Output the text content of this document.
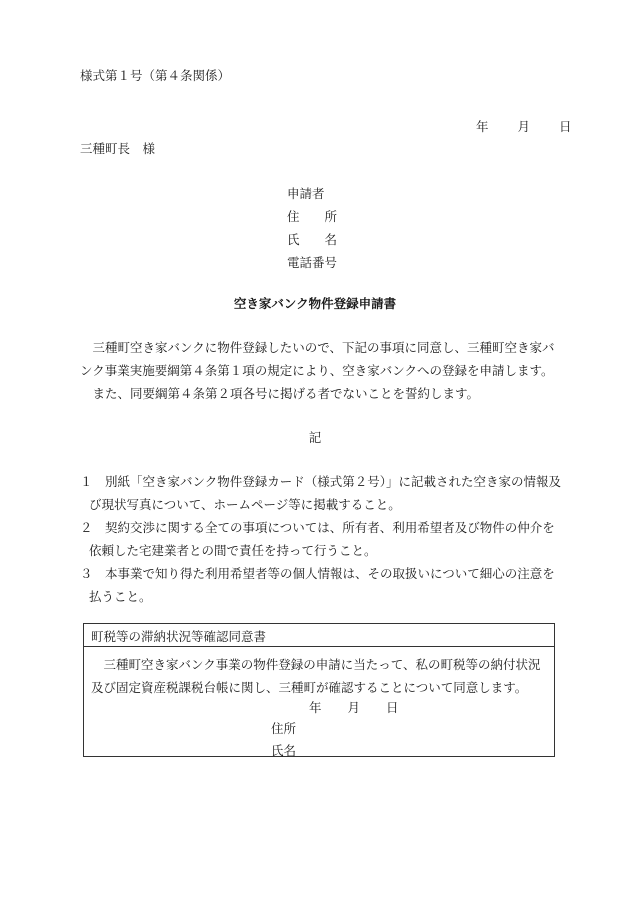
様式第１号（第４条関係）
年 月 日
三種町長　様
申請者
住　　所
氏　　名
電話番号
空き家バンク物件登録申請書
　三種町空き家バンクに物件登録したいので、下記の事項に同意し、三種町空き家バ
ンク事業実施要綱第４条第１項の規定により、空き家バンクへの登録を申請します。
　また、同要綱第４条第２項各号に掲げる者でないことを誓約します。
記
１ 別紙「空き家バンク物件登録カード（様式第２号）」に記載された空き家の情報及
び現状写真について、ホームページ等に掲載すること。
２ 契約交渉に関する全ての事項については、所有者、利用希望者及び物件の仲介を
依頼した宅建業者との間で責任を持って行うこと。
３ 本事業で知り得た利用希望者等の個人情報は、その取扱いについて細心の注意を
払うこと。
町税等の滞納状況等確認同意書
　三種町空き家バンク事業の物件登録の申請に当たって、私の町税等の納付状況
及び固定資産税課税台帳に関し、三種町が確認することについて同意します。
年 月 日
住所
氏名
